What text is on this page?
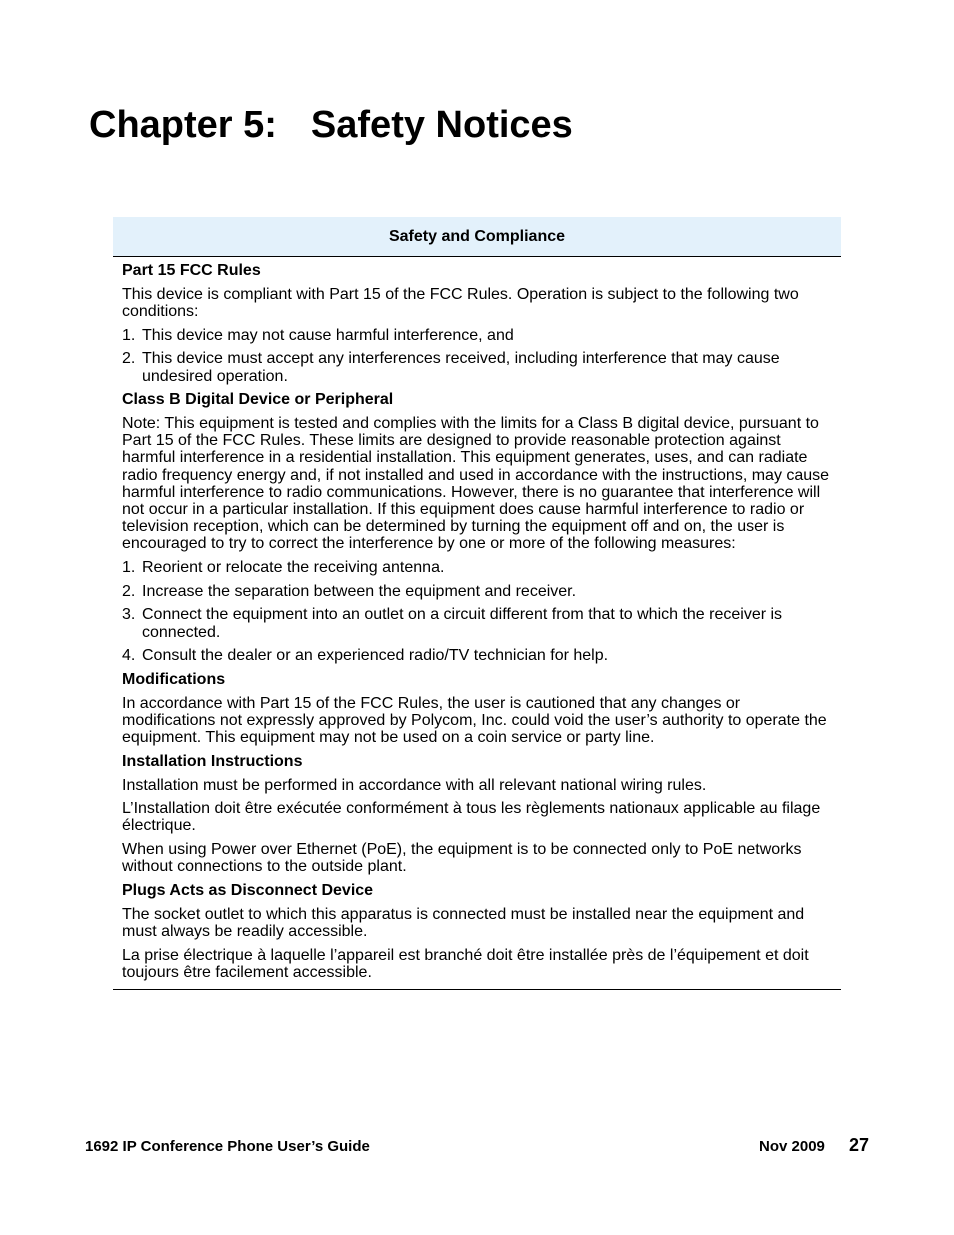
Chapter 5: Safety Notices
Safety and Compliance
Part 15 FCC Rules
This device is compliant with Part 15 of the FCC Rules. Operation is subject to the following two conditions:
1. This device may not cause harmful interference, and
2. This device must accept any interferences received, including interference that may cause undesired operation.
Class B Digital Device or Peripheral
Note: This equipment is tested and complies with the limits for a Class B digital device, pursuant to Part 15 of the FCC Rules. These limits are designed to provide reasonable protection against harmful interference in a residential installation. This equipment generates, uses, and can radiate radio frequency energy and, if not installed and used in accordance with the instructions, may cause harmful interference to radio communications. However, there is no guarantee that interference will not occur in a particular installation. If this equipment does cause harmful interference to radio or television reception, which can be determined by turning the equipment off and on, the user is encouraged to try to correct the interference by one or more of the following measures:
1. Reorient or relocate the receiving antenna.
2. Increase the separation between the equipment and receiver.
3. Connect the equipment into an outlet on a circuit different from that to which the receiver is connected.
4. Consult the dealer or an experienced radio/TV technician for help.
Modifications
In accordance with Part 15 of the FCC Rules, the user is cautioned that any changes or modifications not expressly approved by Polycom, Inc. could void the user’s authority to operate the equipment. This equipment may not be used on a coin service or party line.
Installation Instructions
Installation must be performed in accordance with all relevant national wiring rules.
L’Installation doit être exécutée conformément à tous les règlements nationaux applicable au filage électrique.
When using Power over Ethernet (PoE), the equipment is to be connected only to PoE networks without connections to the outside plant.
Plugs Acts as Disconnect Device
The socket outlet to which this apparatus is connected must be installed near the equipment and must always be readily accessible.
La prise électrique à laquelle l’appareil est branché doit être installée près de l’équipement et doit toujours être facilement accessible.
1692 IP Conference Phone User’s Guide	Nov 2009 27
